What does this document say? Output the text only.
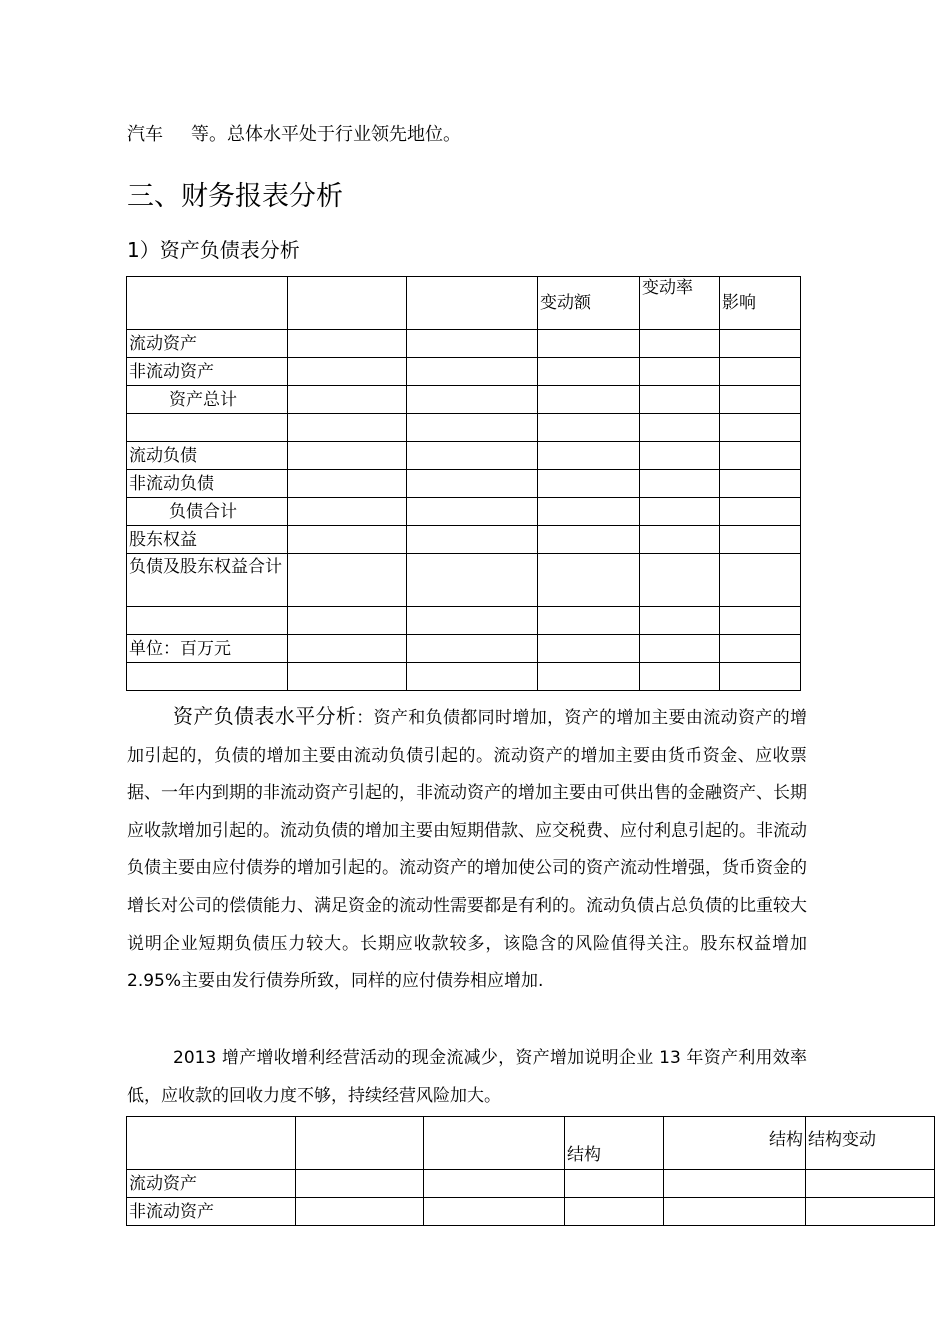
汽车 等。总体水平处于行业领先地位。
三、财务报表分析
1）资产负债表分析
			变动额	变动率	影响
流动资产					
非流动资产					
资产总计					

流动负债					
非流动负债					
负债合计					
股东权益					
负债及股东权益合计					

单位：百万元					

资产负债表水平分析：资产和负债都同时增加，资产的增加主要由流动资产的增加引起的，负债的增加主要由流动负债引起的。流动资产的增加主要由货币资金、应收票据、一年内到期的非流动资产引起的，非流动资产的增加主要由可供出售的金融资产、长期应收款增加引起的。流动负债的增加主要由短期借款、应交税费、应付利息引起的。非流动负债主要由应付债券的增加引起的。流动资产的增加使公司的资产流动性增强，货币资金的增长对公司的偿债能力、满足资金的流动性需要都是有利的。流动负债占总负债的比重较大说明企业短期负债压力较大。长期应收款较多，该隐含的风险值得关注。股东权益增加 2.95%主要由发行债券所致，同样的应付债券相应增加.
2013 增产增收增利经营活动的现金流减少，资产增加说明企业 13 年资产利用效率低，应收款的回收力度不够，持续经营风险加大。
			结构	结构	结构变动
流动资产					
非流动资产					
